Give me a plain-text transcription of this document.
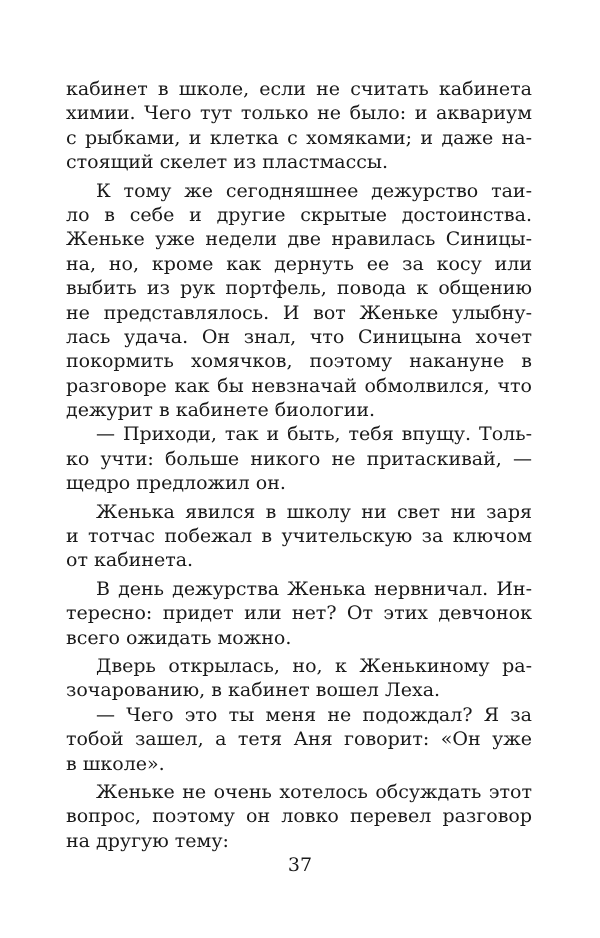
кабинет в школе, если не считать кабинета
химии. Чего тут только не было: и аквариум
с рыбками, и клетка с хомяками; и даже на-
стоящий скелет из пластмассы.
К тому же сегодняшнее дежурство таи-
ло в себе и другие скрытые достоинства.
Женьке уже недели две нравилась Синицы-
на, но, кроме как дернуть ее за косу или
выбить из рук портфель, повода к общению
не представлялось. И вот Женьке улыбну-
лась удача. Он знал, что Синицына хочет
покормить хомячков, поэтому накануне в
разговоре как бы невзначай обмолвился, что
дежурит в кабинете биологии.
— Приходи, так и быть, тебя впущу. Толь-
ко учти: больше никого не притаскивай, —
щедро предложил он.
Женька явился в школу ни свет ни заря
и тотчас побежал в учительскую за ключом
от кабинета.
В день дежурства Женька нервничал. Ин-
тересно: придет или нет? От этих девчонок
всего ожидать можно.
Дверь открылась, но, к Женькиному ра-
зочарованию, в кабинет вошел Леха.
— Чего это ты меня не подождал? Я за
тобой зашел, а тетя Аня говорит: «Он уже
в школе».
Женьке не очень хотелось обсуждать этот
вопрос, поэтому он ловко перевел разговор
на другую тему:
37
